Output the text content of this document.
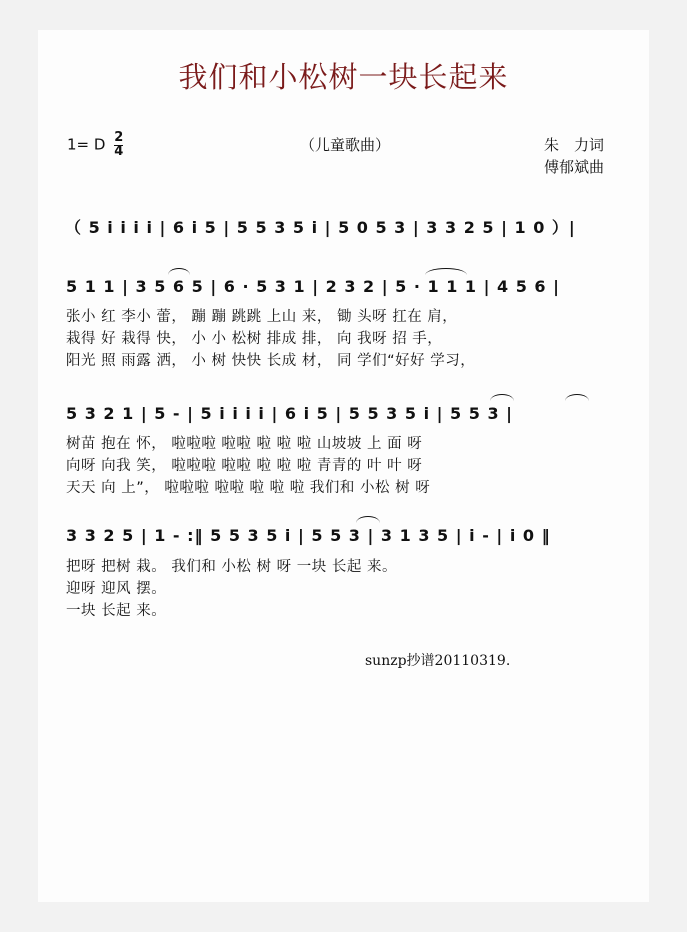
我们和小松树一块长起来
1= D $\frac{2}{4}$	（儿童歌曲）	朱　力词
傅郁斌曲
（ 5 i i i i | 6 i 5 | 5 5 3 5 i | 5 0 5 3 | 3 3 2 5 | 1 0 ）|
5 1 1 | 3 5 6 5 | 6 · 5 3 1 | 2 3 2 | 5 · 1 1 1 | 4 5 6 |
张小 红 李小 蕾， 蹦 蹦 跳跳 上山 来， 锄 头呀 扛在 肩，
栽得 好 栽得 快， 小 小 松树 排成 排， 向 我呀 招 手，
阳光 照 雨露 洒， 小 树 快快 长成 材， 同 学们“好好 学习，
5 3 2 1 | 5 - | 5 i i i i | 6 i 5 | 5 5 3 5 i | 5 5 3 |
树苗 抱在 怀， 啦啦啦 啦啦 啦 啦 啦 山坡坡 上 面 呀
向呀 向我 笑， 啦啦啦 啦啦 啦 啦 啦 青青的 叶 叶 呀
天天 向 上”， 啦啦啦 啦啦 啦 啦 啦 我们和 小松 树 呀
3 3 2 5 | 1 - :‖ 5 5 3 5 i | 5 5 3 | 3 1 3 5 | i - | i 0 ‖
把呀 把树 栽。 我们和 小松 树 呀 一块 长起 来。
迎呀 迎风 摆。
一块 长起 来。
sunzp抄谱20110319.
